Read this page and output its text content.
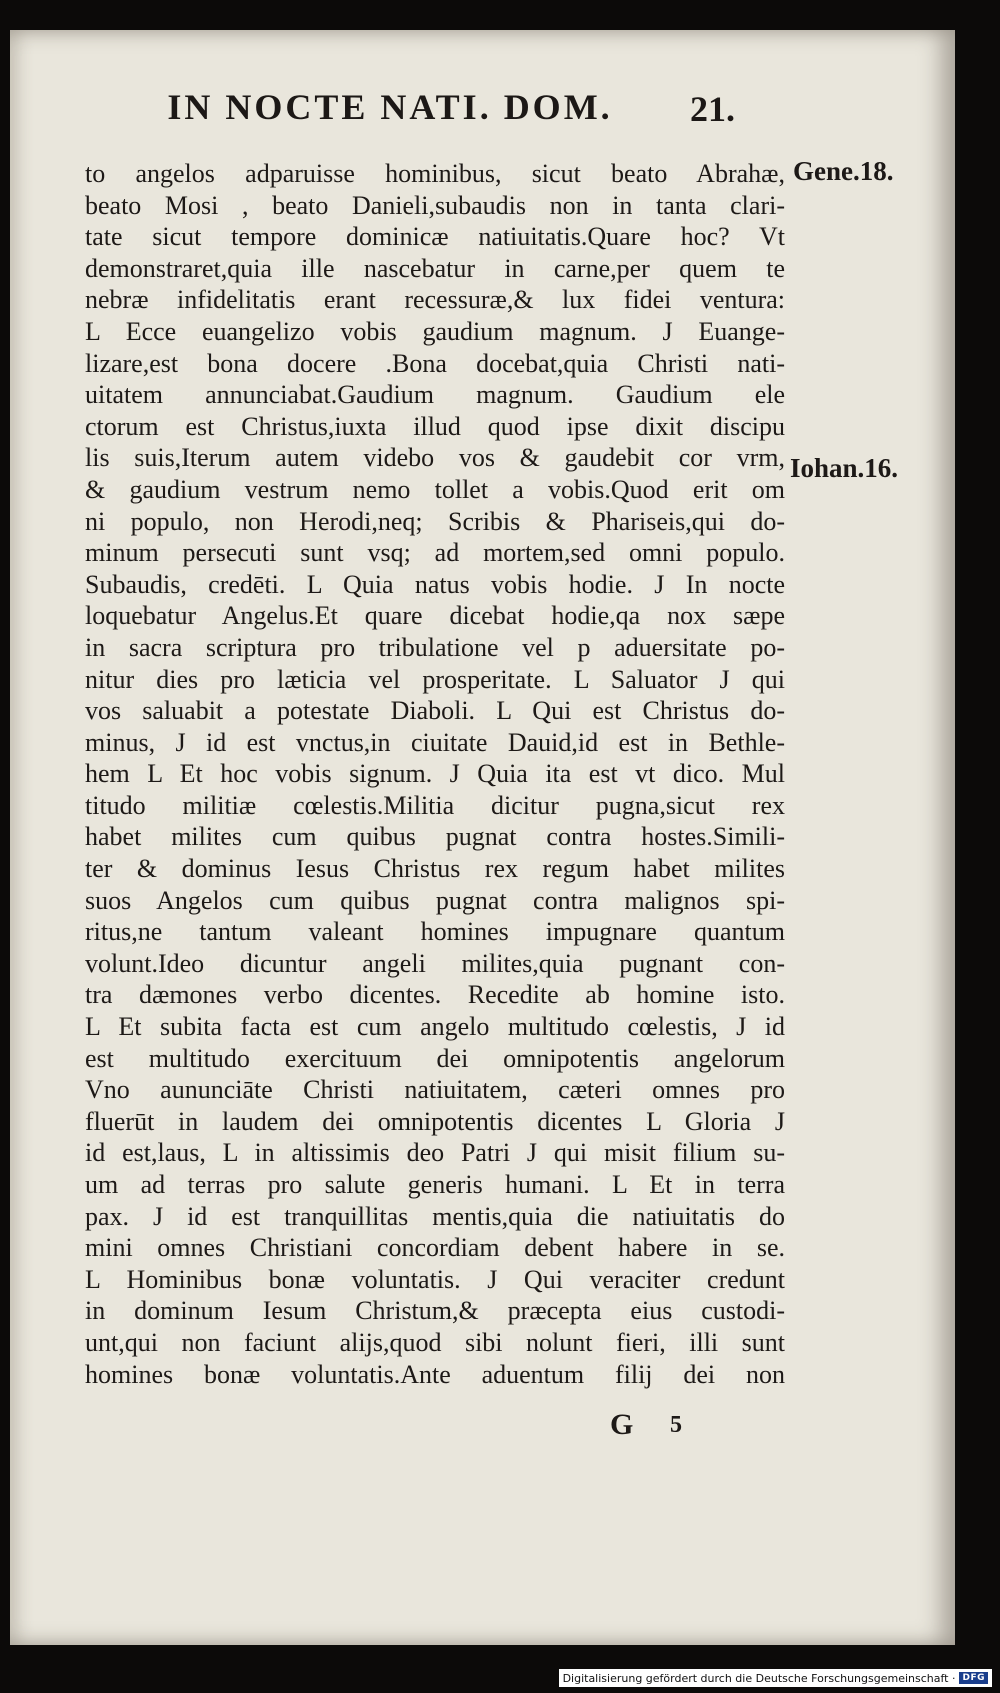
IN NOCTE NATI. DOM.	21.
Gene.18.
Iohan.16.
to angelos adparuisse hominibus, sicut beato Abrahæ,
beato Mosi , beato Danieli,subaudis non in tanta clari-
tate sicut tempore dominicæ natiuitatis.Quare hoc? Vt
demonstraret,quia ille nascebatur in carne,per quem te
nebræ infidelitatis erant recessuræ,& lux fidei ventura:
L Ecce euangelizo vobis gaudium magnum. J Euange-
lizare,est bona docere .Bona docebat,quia Christi nati-
uitatem annunciabat.Gaudium magnum. Gaudium ele
ctorum est Christus,iuxta illud quod ipse dixit discipu
lis suis,Iterum autem videbo vos & gaudebit cor vrm,
& gaudium vestrum nemo tollet a vobis.Quod erit om
ni populo, non Herodi,neq; Scribis & Phariseis,qui do-
minum persecuti sunt vsq; ad mortem,sed omni populo.
Subaudis, credēti. L Quia natus vobis hodie. J In nocte
loquebatur Angelus.Et quare dicebat hodie,qa nox sæpe
in sacra scriptura pro tribulatione vel p aduersitate po-
nitur dies pro læticia vel prosperitate. L Saluator J qui
vos saluabit a potestate Diaboli. L Qui est Christus do-
minus, J id est vnctus,in ciuitate Dauid,id est in Bethle-
hem L Et hoc vobis signum. J Quia ita est vt dico. Mul
titudo militiæ cœlestis.Militia dicitur pugna,sicut rex
habet milites cum quibus pugnat contra hostes.Simili-
ter & dominus Iesus Christus rex regum habet milites
suos Angelos cum quibus pugnat contra malignos spi-
ritus,ne tantum valeant homines impugnare quantum
volunt.Ideo dicuntur angeli milites,quia pugnant con-
tra dæmones verbo dicentes. Recedite ab homine isto.
L Et subita facta est cum angelo multitudo cœlestis, J id
est multitudo exercituum dei omnipotentis angelorum
Vno aununciāte Christi natiuitatem, cæteri omnes pro
fluerūt in laudem dei omnipotentis dicentes L Gloria J
id est,laus, L in altissimis deo Patri J qui misit filium su-
um ad terras pro salute generis humani. L Et in terra
pax. J id est tranquillitas mentis,quia die natiuitatis do
mini omnes Christiani concordiam debent habere in se.
L Hominibus bonæ voluntatis. J Qui veraciter credunt
in dominum Iesum Christum,& præcepta eius custodi-
unt,qui non faciunt alijs,quod sibi nolunt fieri, illi sunt
homines bonæ voluntatis.Ante aduentum filij dei non
G 5
Digitalisierung gefördert durch die Deutsche Forschungsgemeinschaft · DFG
